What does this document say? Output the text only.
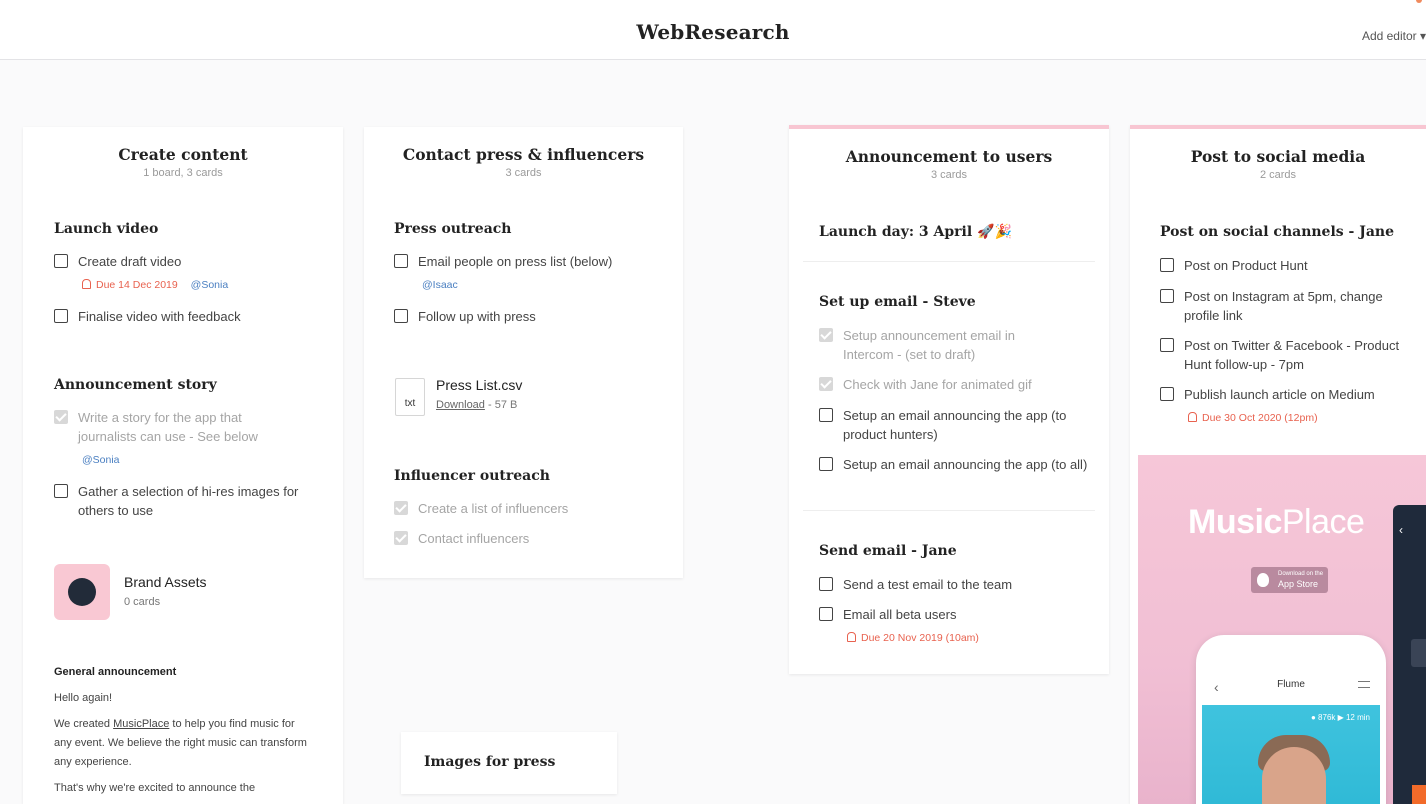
WebResearch	Add editor ▾
Create content
1 board, 3 cards
Launch video
Create draft video
Due 14 Dec 2019 @Sonia
Finalise video with feedback
Announcement story
Write a story for the app that journalists can use - See below
@Sonia
Gather a selection of hi-res images for others to use
Brand Assets
0 cards
General announcement
Hello again!
We created MusicPlace to help you find music for any event. We believe the right music can transform any experience.
That's why we're excited to announce the
Contact press & influencers
3 cards
Press outreach
Email people on press list (below)
@Isaac
Follow up with press
txt
Press List.csv
Download - 57 B
Influencer outreach
Create a list of influencers
Contact influencers
Images for press
Announcement to users
3 cards
Launch day: 3 April 🚀🎉
Set up email - Steve
Setup announcement email in Intercom - (set to draft)
Check with Jane for animated gif
Setup an email announcing the app (to product hunters)
Setup an email announcing the app (to all)
Send email - Jane
Send a test email to the team
Email all beta users
Due 20 Nov 2019 (10am)
Post to social media
2 cards
Post on social channels - Jane
Post on Product Hunt
Post on Instagram at 5pm, change profile link
Post on Twitter & Facebook - Product Hunt follow-up - 7pm
Publish launch article on Medium
Due 30 Oct 2020 (12pm)
MusicPlace
Download on the
App Store
‹	Flume
● 876k ▶ 12 min
‹
